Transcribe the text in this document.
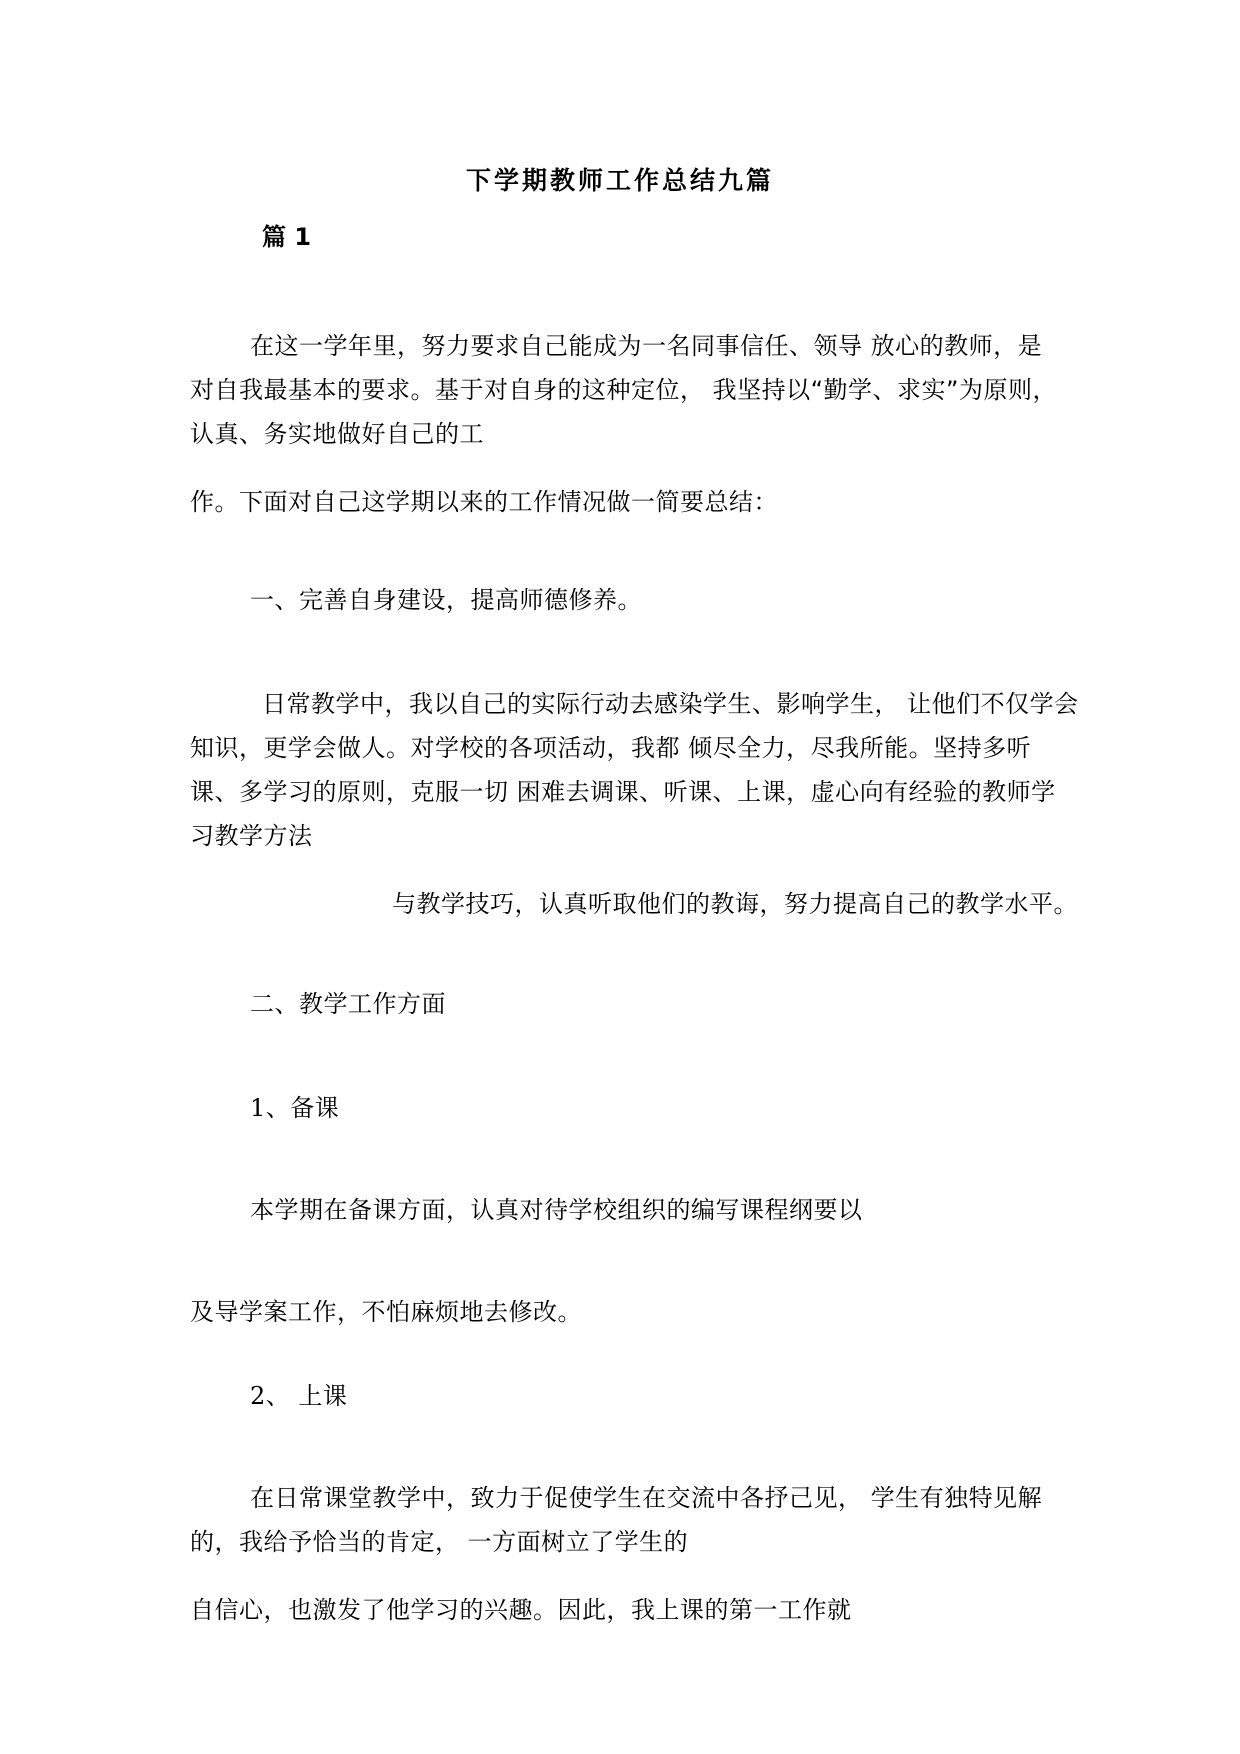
下学期教师工作总结九篇
篇 1
在这一学年里，努力要求自己能成为一名同事信任、领导 放心的教师，是
对自我最基本的要求。基于对自身的这种定位， 我坚持以“勤学、求实”为原则，
认真、务实地做好自己的工
作。下面对自己这学期以来的工作情况做一简要总结：
一、完善自身建设，提高师德修养。
日常教学中，我以自己的实际行动去感染学生、影响学生， 让他们不仅学会
知识，更学会做人。对学校的各项活动，我都 倾尽全力，尽我所能。坚持多听
课、多学习的原则，克服一切 困难去调课、听课、上课，虚心向有经验的教师学
习教学方法
与教学技巧，认真听取他们的教诲，努力提高自己的教学水平。
二、教学工作方面
1、备课
本学期在备课方面，认真对待学校组织的编写课程纲要以
及导学案工作，不怕麻烦地去修改。
2、 上课
在日常课堂教学中，致力于促使学生在交流中各抒己见， 学生有独特见解
的，我给予恰当的肯定， 一方面树立了学生的
自信心，也激发了他学习的兴趣。因此，我上课的第一工作就
